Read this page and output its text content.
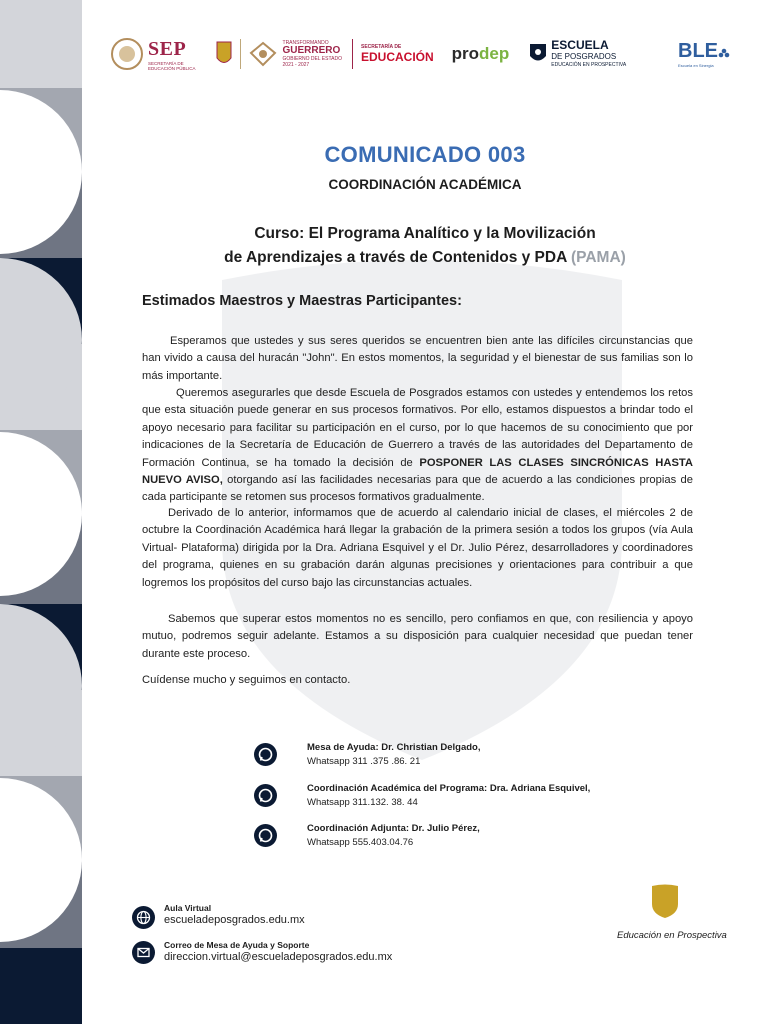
SEP
SECRETARÍA DE
EDUCACIÓN PÚBLICA
TRANSFORMANDO
GUERRERO
GOBIERNO DEL ESTADO
2021 - 2027
SECRETARÍA DE
EDUCACIÓN pro dep	ESCUELA
DE POSGRADOS
EDUCACIÓN EN PROSPECTIVA
BLE
Escuela en Sinergia
COMUNICADO 003
COORDINACIÓN ACADÉMICA
Curso: El Programa Analítico y la Movilización
de Aprendizajes a través de Contenidos y PDA (PAMA)
Estimados Maestros y Maestras Participantes:
Esperamos que ustedes y sus seres queridos se encuentren bien ante las difíciles circunstancias que han vivido a causa del huracán "John". En estos momentos, la seguridad y el bienestar de sus familias son lo más importante.
Queremos asegurarles que desde Escuela de Posgrados estamos con ustedes y entendemos los retos que esta situación puede generar en sus procesos formativos. Por ello, estamos dispuestos a brindar todo el apoyo necesario para facilitar su participación en el curso, por lo que hacemos de su conocimiento que por indicaciones de la Secretaría de Educación de Guerrero a través de las autoridades del Departamento de Formación Continua, se ha tomado la decisión de POSPONER LAS CLASES SINCRÓNICAS HASTA NUEVO AVISO, otorgando así las facilidades necesarias para que de acuerdo a las condiciones propias de cada participante se retomen sus procesos formativos gradualmente.
Derivado de lo anterior, informamos que de acuerdo al calendario inicial de clases, el miércoles 2 de octubre la Coordinación Académica hará llegar la grabación de la primera sesión a todos los grupos (vía Aula Virtual- Plataforma) dirigida por la Dra. Adriana Esquivel y el Dr. Julio Pérez, desarrolladores y coordinadores del programa, quienes en su grabación darán algunas precisiones y orientaciones para contribuir a que logremos los propósitos del curso bajo las circunstancias actuales.
Sabemos que superar estos momentos no es sencillo, pero confiamos en que, con resiliencia y apoyo mutuo, podremos seguir adelante. Estamos a su disposición para cualquier necesidad que puedan tener durante este proceso.
Cuídense mucho y seguimos en contacto.
Mesa de Ayuda: Dr. Christian Delgado,
Whatsapp 311 .375 .86. 21
Coordinación Académica del Programa: Dra. Adriana Esquivel,
Whatsapp 311.132. 38. 44
Coordinación Adjunta: Dr. Julio Pérez,
Whatsapp 555.403.04.76
Aula Virtual
escueladeposgrados.edu.mx
Correo de Mesa de Ayuda y Soporte
direccion.virtual@escueladeposgrados.edu.mx
Educación en Prospectiva
